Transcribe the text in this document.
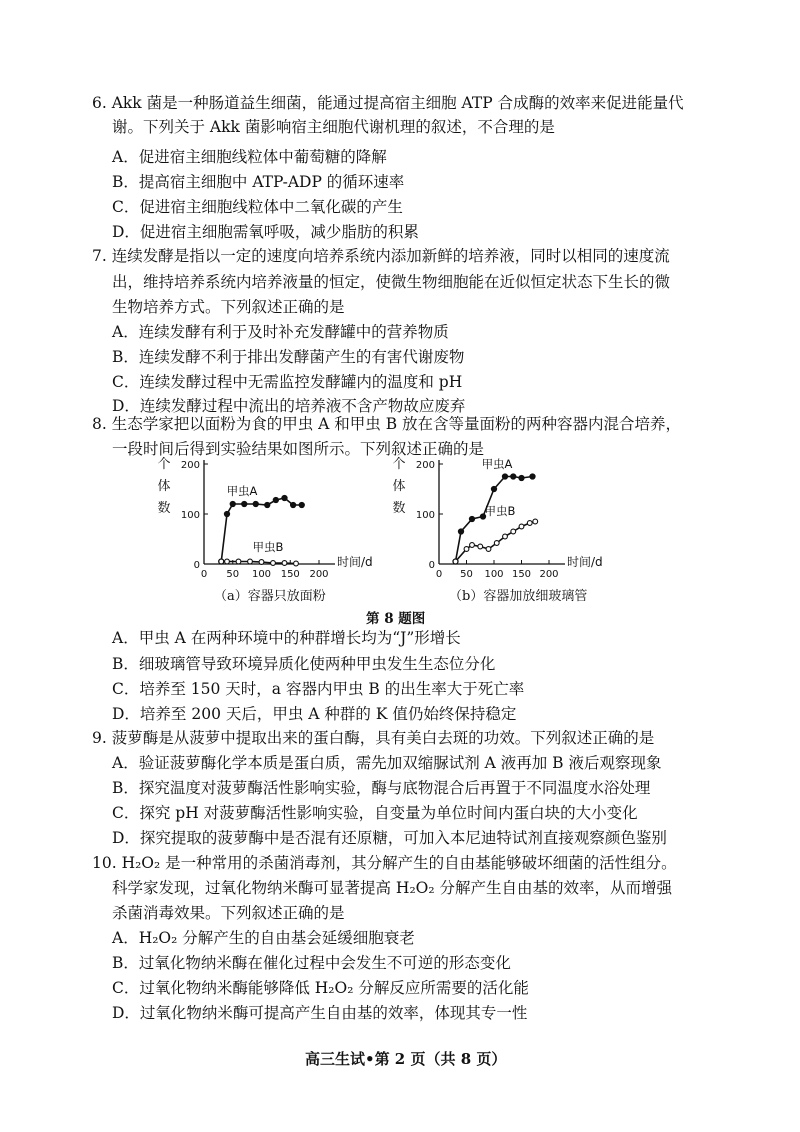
6. Akk 菌是一种肠道益生细菌，能通过提高宿主细胞 ATP 合成酶的效率来促进能量代
谢。下列关于 Akk 菌影响宿主细胞代谢机理的叙述，不合理的是
A．促进宿主细胞线粒体中葡萄糖的降解
B．提高宿主细胞中 ATP-ADP 的循环速率
C．促进宿主细胞线粒体中二氧化碳的产生
D．促进宿主细胞需氧呼吸，减少脂肪的积累
7. 连续发酵是指以一定的速度向培养系统内添加新鲜的培养液，同时以相同的速度流
出，维持培养系统内培养液量的恒定，使微生物细胞能在近似恒定状态下生长的微
生物培养方式。下列叙述正确的是
A．连续发酵有利于及时补充发酵罐中的营养物质
B．连续发酵不利于排出发酵菌产生的有害代谢废物
C．连续发酵过程中无需监控发酵罐内的温度和 pH
D．连续发酵过程中流出的培养液不含产物故应废弃
8. 生态学家把以面粉为食的甲虫 A 和甲虫 B 放在含等量面粉的两种容器内混合培养，
一段时间后得到实验结果如图所示。下列叙述正确的是
0
100
200
0 50 100 150 200
个
体
数
时间/d
甲虫A
甲虫B
（a）容器只放面粉
0
100
200
0 50 100 150 200
个
体
数
时间/d
甲虫A
甲虫B
（b）容器加放细玻璃管
第 8 题图
A．甲虫 A 在两种环境中的种群增长均为“J”形增长
B．细玻璃管导致环境异质化使两种甲虫发生生态位分化
C．培养至 150 天时，a 容器内甲虫 B 的出生率大于死亡率
D．培养至 200 天后，甲虫 A 种群的 K 值仍始终保持稳定
9. 菠萝酶是从菠萝中提取出来的蛋白酶，具有美白去斑的功效。下列叙述正确的是
A．验证菠萝酶化学本质是蛋白质，需先加双缩脲试剂 A 液再加 B 液后观察现象
B．探究温度对菠萝酶活性影响实验，酶与底物混合后再置于不同温度水浴处理
C．探究 pH 对菠萝酶活性影响实验，自变量为单位时间内蛋白块的大小变化
D．探究提取的菠萝酶中是否混有还原糖，可加入本尼迪特试剂直接观察颜色鉴别
10. H₂O₂ 是一种常用的杀菌消毒剂，其分解产生的自由基能够破坏细菌的活性组分。
科学家发现，过氧化物纳米酶可显著提高 H₂O₂ 分解产生自由基的效率，从而增强
杀菌消毒效果。下列叙述正确的是
A．H₂O₂ 分解产生的自由基会延缓细胞衰老
B．过氧化物纳米酶在催化过程中会发生不可逆的形态变化
C．过氧化物纳米酶能够降低 H₂O₂ 分解反应所需要的活化能
D．过氧化物纳米酶可提高产生自由基的效率，体现其专一性
高三生试•第 2 页（共 8 页）
